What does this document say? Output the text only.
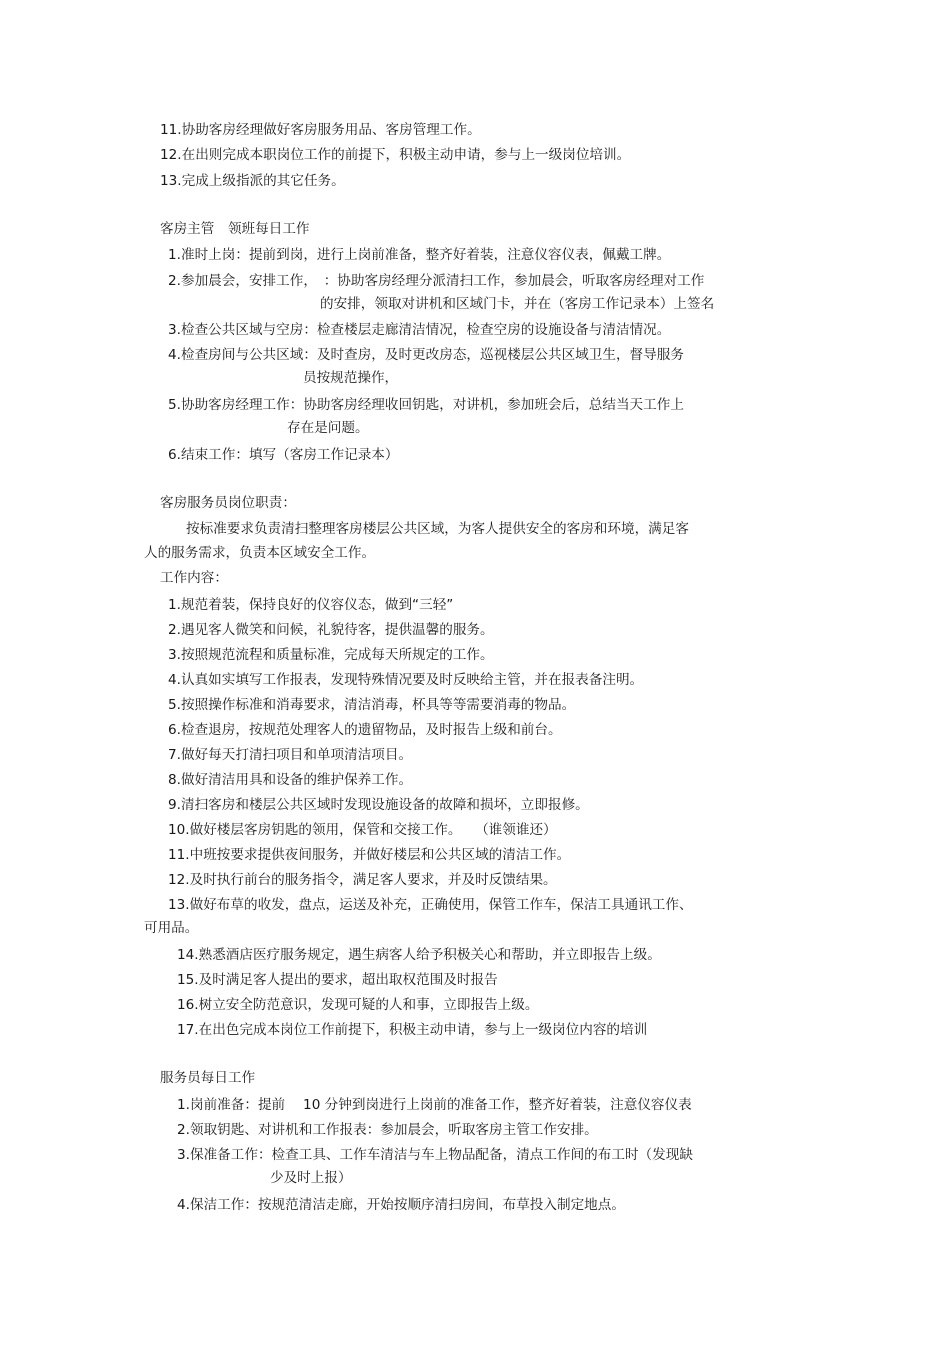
11.协助客房经理做好客房服务用品、客房管理工作。

12.在出则完成本职岗位工作的前提下，积极主动申请，参与上一级岗位培训。

13.完成上级指派的其它任务。

客房主管　领班每日工作

1.准时上岗：提前到岗，进行上岗前准备，整齐好着装，注意仪容仪表，佩戴工牌。

2.参加晨会，安排工作，　：协助客房经理分派清扫工作，参加晨会，听取客房经理对工作

的安排，领取对讲机和区域门卡，并在（客房工作记录本）上签名

3.检查公共区域与空房：检查楼层走廊清洁情况，检查空房的设施设备与清洁情况。

4.检查房间与公共区域：及时查房，及时更改房态，巡视楼层公共区域卫生，督导服务

员按规范操作，

5.协助客房经理工作：协助客房经理收回钥匙，对讲机，参加班会后，总结当天工作上

存在是问题。

6.结束工作：填写（客房工作记录本）

客房服务员岗位职责：

按标准要求负责清扫整理客房楼层公共区域，为客人提供安全的客房和环境，满足客

人的服务需求，负责本区域安全工作。

工作内容：

1.规范着装，保持良好的仪容仪态，做到“三轻”

2.遇见客人微笑和问候，礼貌待客，提供温馨的服务。

3.按照规范流程和质量标准，完成每天所规定的工作。

4.认真如实填写工作报表，发现特殊情况要及时反映给主管，并在报表备注明。

5.按照操作标准和消毒要求，清洁消毒，杯具等等需要消毒的物品。

6.检查退房，按规范处理客人的遗留物品，及时报告上级和前台。

7.做好每天打清扫项目和单项清洁项目。

8.做好清洁用具和设备的维护保养工作。

9.清扫客房和楼层公共区域时发现设施设备的故障和损坏，立即报修。

10.做好楼层客房钥匙的领用，保管和交接工作。　　（谁领谁还）

11.中班按要求提供夜间服务，并做好楼层和公共区域的清洁工作。

12.及时执行前台的服务指令，满足客人要求，并及时反馈结果。

13.做好布草的收发，盘点，运送及补充，正确使用，保管工作车，保洁工具通讯工作、

可用品。

14.熟悉酒店医疗服务规定，遇生病客人给予积极关心和帮助，并立即报告上级。

15.及时满足客人提出的要求，超出取权范围及时报告

16.树立安全防范意识，发现可疑的人和事，立即报告上级。

17.在出色完成本岗位工作前提下，积极主动申请，参与上一级岗位内容的培训

服务员每日工作

1.岗前准备：提前　 10 分钟到岗进行上岗前的准备工作，整齐好着装，注意仪容仪表

2.领取钥匙、对讲机和工作报表：参加晨会，听取客房主管工作安排。

3.保准备工作：检查工具、工作车清洁与车上物品配备，清点工作间的布工时（发现缺

少及时上报）

4.保洁工作：按规范清洁走廊，开始按顺序清扫房间，布草投入制定地点。
